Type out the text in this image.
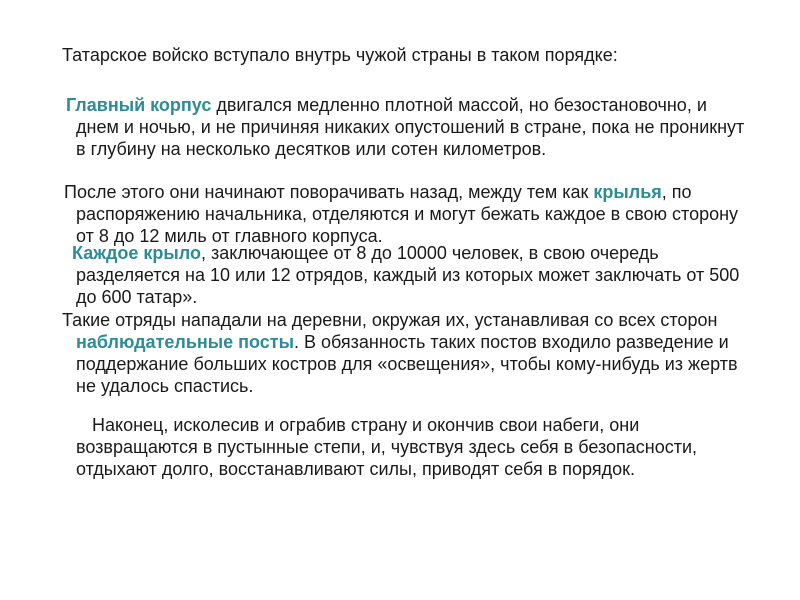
Татарское войско вступало внутрь чужой страны в таком порядке:

Главный корпус двигался медленно плотной массой, но безостановочно, и днем и ночью, и не причиняя никаких опустошений в стране, пока не проникнут в глубину на несколько десятков или сотен километров.

После этого они начинают поворачивать назад, между тем как крылья, по распоряжению начальника, отделяются и могут бежать каждое в свою сторону от 8 до 12 миль от главного корпуса.

Каждое крыло, заключающее от 8 до 10000 человек, в свою очередь разделяется на 10 или 12 отрядов, каждый из которых может заключать от 500 до 600 татар».

Такие отряды нападали на деревни, окружая их, устанавливая со всех сторон наблюдательные посты. В обязанность таких постов входило разведение и поддержание больших костров для «освещения», чтобы кому-нибудь из жертв не удалось спастись.

Наконец, исколесив и ограбив страну и окончив свои набеги, они возвращаются в пустынные степи, и, чувствуя здесь себя в безопасности, отдыхают долго, восстанавливают силы, приводят себя в порядок.
